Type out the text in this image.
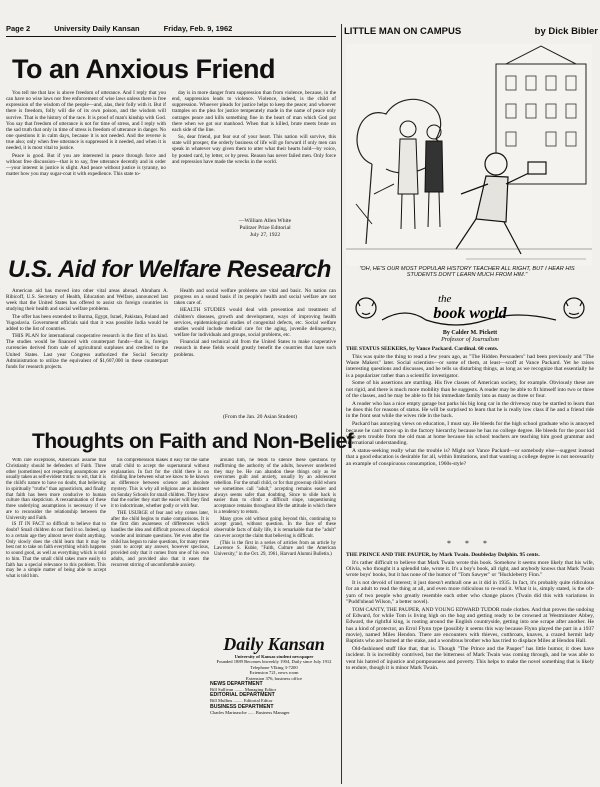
Page 2	University Daily Kansan	Friday, Feb. 9, 1962
To an Anxious Friend

You tell me that law is above freedom of utterance. And I reply that you can have no wise laws nor free enforcement of wise laws unless there is free expression of the wisdom of the people—and, alas, their folly with it. But if there is freedom, folly will die of its own poison, and the wisdom will survive. That is the history of the race. It is proof of man's kinship with God. You say that freedom of utterance is not for time of stress, and I reply with the sad truth that only in time of stress is freedom of utterance in danger. No one questions it in calm days, because it is not needed. And the reverse is true also; only when free utterance is suppressed is it needed, and when it is needed, it is most vital to justice.

Peace is good. But if you are interested in peace through force and without free discussion—that is to say, free utterance decently and in order—your interest in justice is slight. And peace without justice is tyranny, no matter how you may sugar-coat it with expedience. This state to-

day is in more danger from suppression than from violence, because, in the end, suppression leads to violence. Violence, indeed, is the child of suppression. Whoever pleads for justice helps to keep the peace; and whoever tramples on the plea for justice temperately made in the name of peace only outrages peace and kills something fine in the heart of man which God put there when we got our manhood. When that is killed, brute meets brute on each side of the line.

So, dear friend, put fear out of your heart. This nation will survive, this state will prosper, the orderly business of life will go forward if only men can speak in whatever way given them to utter what their hearts hold—by voice, by posted card, by letter, or by press. Reason has never failed men. Only force and repression have made the wrecks in the world.

—William Allen White
Pulitzer Prize Editorial
July 27, 1922
U.S. Aid for Welfare Research

American aid has moved into other vital areas abroad. Abraham A. Ribicoff, U.S. Secretary of Health, Education and Welfare, announced last week that the United States has offered to assist six foreign countries in studying their health and social welfare problems.

The offer has been extended to Burma, Egypt, Israel, Pakistan, Poland and Yugoslavia. Government officials said that it was possible India would be added to the list of countries.

THIS PLAN for international cooperative research is the first of its kind. The studies would be financed with counterpart funds—that is, foreign currencies derived from sale of agricultural surpluses and credited to the United States. Last year Congress authorized the Social Security Administration to utilize the equivalent of $1,607,000 in these counterpart funds for research projects.

Health and social welfare problems are vital and basic. No nation can progress on a sound basis if its people's health and social welfare are not taken care of.

HEALTH STUDIES would deal with prevention and treatment of children's diseases, growth and development, ways of improving health services, epidemiological studies of congenital defects, etc. Social welfare studies would include medical care for the aging, juvenile delinquency, welfare for individuals and groups, social problems, etc.

Financial and technical aid from the United States to make cooperative research in these fields would greatly benefit the countries that have such problems.

(From the Jan. 20 Asian Student)
Thoughts on Faith and Non-Belief

With rare exceptions, Americans assume that Christianity should be defenders of Faith. Three other (sometimes) not respecting assumptions are usually taken as self-evident truths: to wit, that it is the child's nature to have no doubt, that believing in spiritually "truths" than agnosticism, and finally that faith has been more conducive to human culture than skepticism. A reexamination of these three underlying assumptions is necessary if we are to reconsider the relationship between the University and Faith.

IS IT IN FACT so difficult to believe that to doubt? Small children do not find it so. Indeed, up to a certain age they almost never doubt anything. Only slowly does the child learn that it may be best not to take on faith everything which happens to sound good, as well as everything which is told to him. That the small child takes more easily to faith has a special relevance to this problem. This may be a simple matter of being able to accept what is told him.

his comprehension makes it easy for the same small child to accept the supernatural without explanation. In fact for the child there is no dividing line between what we know to be known as difference between science and absolute mystery. This is why all religions are as insistent on Sunday Schools for small children. They know that the earlier they start the easier will they find it to indoctrinate, whether godly or with fear.

THE USURGE of fear and why comes later, after the child begins to make comparisons. It is the first dim awareness of differences which handles the idea and difficult process of skeptical wonder and intimate questions. Yet even after the child has begun to raise questions, for many more years to accept any answer, however specious, provided only that it comes from one of his own adults, and provided also that it eases the recurrent stirring of uncomfortable anxiety.

around him, he tends to silence these questions by reaffirming the authority of the adults, however unreferred they may be. He can abandon these things only as he overcomes guilt and anxiety, usually by an adolescent rebellion. For the small child, or for that grownup child whom we sometimes call "adult," accepting remains easier and always seems safer than doubting. Since to slide back is easier than to climb a difficult slope, unquestioning acceptance remains throughout life the attitude in which there is a tendency to return.

Many grow old without going beyond this, continuing to accept grand, without question. In the face of these observable facts of daily life, it is remarkable that the "adult" can ever accept the claim that believing is difficult.

(This is the first in a series of articles from an article by Lawrence S. Kubie, "Faith, Culture and the American University," in the Oct. 29, 1961, Harvard Alumni Bulletin.)

Daily Kansan
University of Kansas student newspaper
Founded 1889 Becomes biweekly 1904, Daily since July 1912
Telephone VIking 3-7200
Extension 721, news room
Extension 376, business office
NEWS DEPARTMENT
Bill Sullivan ........ Managing Editor
EDITORIAL DEPARTMENT
Bill Mullins ........ Editorial Editor
BUSINESS DEPARTMENT
Charles Marinasche ...... Business Manager
LITTLE MAN ON CAMPUS	by Dick Bibler
"OH, HE'S OUR MOST POPULAR HISTORY TEACHER ALL RIGHT, BUT I HEAR HIS STUDENTS DON'T LEARN MUCH FROM HIM."
the
book world
By Calder M. Pickett
Professor of Journalism

THE STATUS SEEKERS, by Vance Packard. Cardinal. 60 cents.

This was quite the thing to read a few years ago, as "The Hidden Persuaders" had been previously and "The Waste Makers" later. Social scientists—or some of them, at least—scoff at Vance Packard. Yet he raises interesting questions and discusses, and he tells us disturbing things, as long as we recognize that essentially he is a popularizer rather than a scientific investigator.

Some of his assertions are startling. His five classes of American society, for example. Obviously these are not rigid, and there is much more mobility than he suggests. A reader may be able to fit himself into two or three of the classes, and he may be able to fit his immediate family into as many as three or four.

A reader who has a nice empty garage but parks his big long car in the driveway may be startled to learn that he does this for reasons of status. He will be surprised to learn that he is really low class if he and a friend ride in the front seat while the wives ride in the back.

Packard has annoying views on education, I must say. He bleeds for the high school graduate who is annoyed because he can't move up in the factory hierarchy because he has no college degree. He bleeds for the poor kid who gets trouble from the old man at home because his school teachers are teaching him good grammar and international understanding.

A status-seeking really what the trouble is? Might not Vance Packard—or somebody else—suggest instead that a good education is desirable for all, within limitations, and that wanting a college degree is not necessarily an example of conspicuous consumption, 1960s-style?

* * *

THE PRINCE AND THE PAUPER, by Mark Twain. Doubleday Dolphin. 95 cents.

It's rather difficult to believe that Mark Twain wrote this book. Somehow it seems more likely that his wife, Olivia, who thought it a splendid tale, wrote it. It's a boy's book, all right, and anybody knows that Mark Twain wrote boys' books, but it has none of the humor of "Tom Sawyer" or "Huckleberry Finn."

It is not devoid of interest; it just doesn't enthrall one as it did in 1935. In fact, it's probably quite ridiculous for an adult to read the thing at all, and even more ridiculous to re-read it. What it is, simply stated, is the oft-yarn of two people who greatly resemble each other who change places (Twain did this with variations in "Pudd'nhead Wilson," a better novel).

TOM CANTY, THE PAUPER, AND YOUNG EDWARD TUDOR trade clothes. And that proves the undoing of Edward, for while Tom is living high on the hog and getting ready to be crowned at Westminster Abbey, Edward, the rightful king, is rooting around the English countryside, getting into one scrape after another. He has a kind of protector, an Errol Flynn type (possibly it seems this way because Flynn played the part in a 1937 movie), named Miles Hendon. There are encounters with thieves, cutthroats, knaves, a crazed hermit lady Baptists who are burned at the stake, and a wondrous brother who has tried to displace Miles at Hendon Hall.

Old-fashioned stuff like that, that is. Though "The Prince and the Pauper" has little humor, it does have incident. It is incredibly contrived, but the bitterness of Mark Twain was coming through, and he was able to vent his hatred of injustice and pompousness and poverty. This helps to make the novel something that is likely to endure, though it is minor Mark Twain.
